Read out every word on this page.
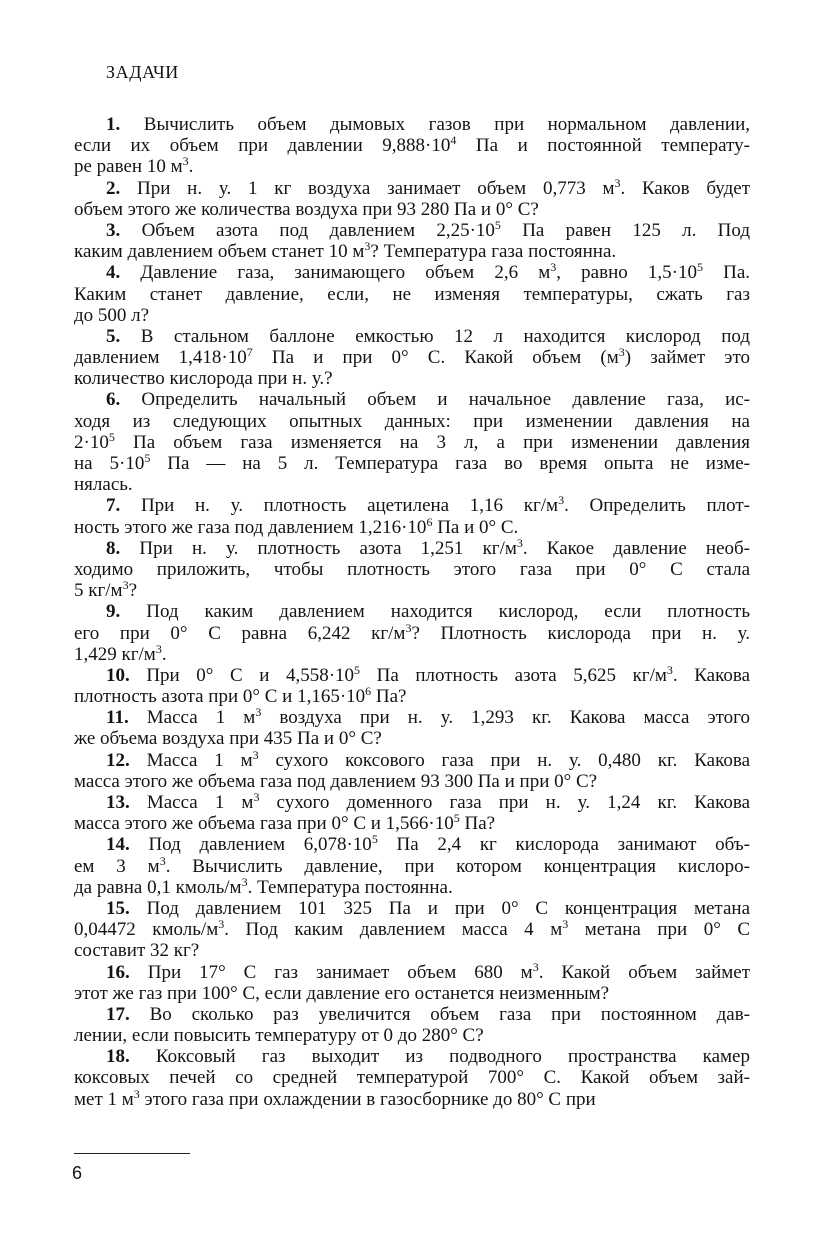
ЗАДАЧИ
1. Вычислить объем дымовых газов при нормальном давлении,
если их объем при давлении $9,888\cdot 10^4$ Па и постоянной температу-
ре равен 10 $м^3$.
2. При н. у. 1 кг воздуха занимает объем 0,773 $м^3$. Каков будет
объем этого же количества воздуха при 93 280 Па и 0° С?
3. Объем азота под давлением $2,25\cdot 10^5$ Па равен 125 л. Под
каким давлением объем станет 10 $м^3$? Температура газа постоянна.
4. Давление газа, занимающего объем 2,6 $м^3$, равно $1,5\cdot 10^5$ Па.
Каким станет давление, если, не изменяя температуры, сжать газ
до 500 л?
5. В стальном баллоне емкостью 12 л находится кислород под
давлением $1,418\cdot 10^7$ Па и при 0° С. Какой объем $(м^3)$ займет это
количество кислорода при н. у.?
6. Определить начальный объем и начальное давление газа, ис-
ходя из следующих опытных данных: при изменении давления на
$2\cdot 10^5$ Па объем газа изменяется на 3 л, а при изменении давления
на $5\cdot 10^5$ Па — на 5 л. Температура газа во время опыта не изме-
нялась.
7. При н. у. плотность ацетилена 1,16 $кг/м^3$. Определить плот-
ность этого же газа под давлением $1,216\cdot 10^6$ Па и 0° С.
8. При н. у. плотность азота 1,251 $кг/м^3$. Какое давление необ-
ходимо приложить, чтобы плотность этого газа при 0° С стала
5 $кг/м^3$?
9. Под каким давлением находится кислород, если плотность
его при 0° С равна 6,242 $кг/м^3$? Плотность кислорода при н. у.
1,429 $кг/м^3$.
10. При 0° С и $4,558\cdot 10^5$ Па плотность азота 5,625 $кг/м^3$. Какова
плотность азота при 0° С и $1,165\cdot 10^6$ Па?
11. Масса 1 $м^3$ воздуха при н. у. 1,293 кг. Какова масса этого
же объема воздуха при 435 Па и 0° С?
12. Масса 1 $м^3$ сухого коксового газа при н. у. 0,480 кг. Какова
масса этого же объема газа под давлением 93 300 Па и при 0° С?
13. Масса 1 $м^3$ сухого доменного газа при н. у. 1,24 кг. Какова
масса этого же объема газа при 0° С и $1,566\cdot 10^5$ Па?
14. Под давлением $6,078\cdot 10^5$ Па 2,4 кг кислорода занимают объ-
ем 3 $м^3$. Вычислить давление, при котором концентрация кислоро-
да равна 0,1 кмоль/$м^3$. Температура постоянна.
15. Под давлением 101 325 Па и при 0° С концентрация метана
0,04472 кмоль/$м^3$. Под каким давлением масса 4 $м^3$ метана при 0° С
составит 32 кг?
16. При 17° С газ занимает объем 680 $м^3$. Какой объем займет
этот же газ при 100° С, если давление его останется неизменным?
17. Во сколько раз увеличится объем газа при постоянном дав-
лении, если повысить температуру от 0 до 280° С?
18. Коксовый газ выходит из подводного пространства камер
коксовых печей со средней температурой 700° С. Какой объем зай-
мет 1 $м^3$ этого газа при охлаждении в газосборнике до 80° С при
6
